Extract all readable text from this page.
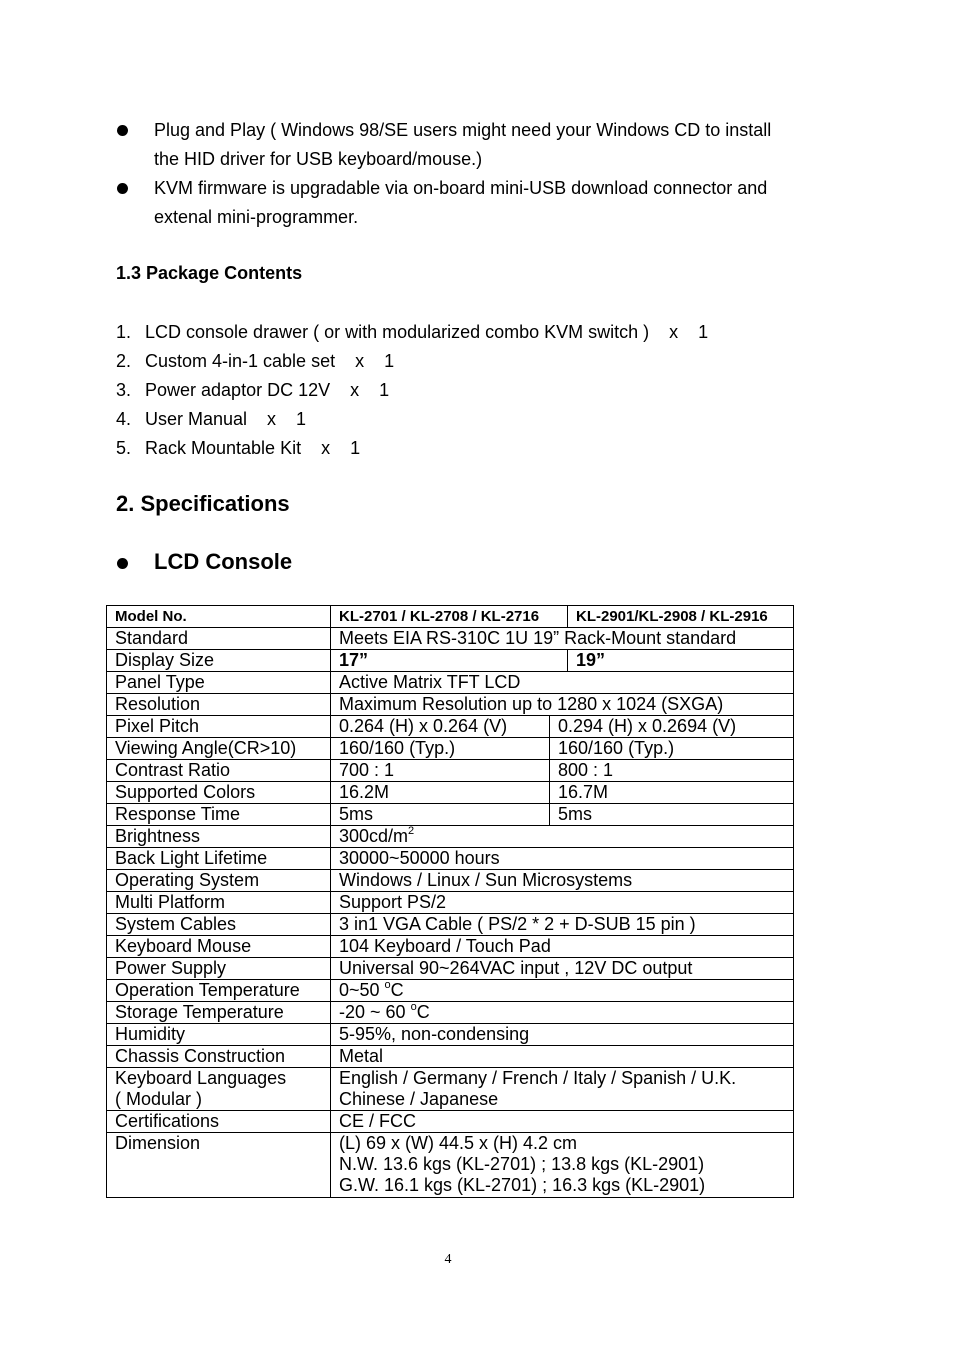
Plug and Play ( Windows 98/SE users might need your Windows CD to install
the HID driver for USB keyboard/mouse.)
KVM firmware is upgradable via on-board mini-USB download connector and
extenal mini-programmer.
1.3 Package Contents
1. LCD console drawer ( or with modularized combo KVM switch )    x    1
2. Custom 4-in-1 cable set    x    1
3. Power adaptor DC 12V    x    1
4. User Manual    x    1
5. Rack Mountable Kit    x    1
2. Specifications
LCD Console
Model No.	KL-2701 / KL-2708 / KL-2716		KL-2901/KL-2908 / KL-2916
Standard	Meets EIA RS-310C 1U 19” Rack-Mount standard		
Display Size	17”		19”
Panel Type	Active Matrix TFT LCD		
Resolution	Maximum Resolution up to 1280 x 1024 (SXGA)		
Pixel Pitch	0.264 (H) x 0.264 (V)	0.294 (H) x 0.2694 (V)	
Viewing Angle(CR>10)	160/160 (Typ.)	160/160 (Typ.)	
Contrast Ratio	700 : 1	800 : 1	
Supported Colors	16.2M	16.7M	
Response Time	5ms	5ms	
Brightness	$300cd/m^2$
Back Light Lifetime	30000~50000 hours		
Operating System	Windows / Linux / Sun Microsystems		
Multi Platform	Support PS/2		
System Cables	3 in1 VGA Cable ( PS/2 * 2 + D-SUB 15 pin )		
Keyboard Mouse	104 Keyboard / Touch Pad		
Power Supply	Universal 90~264VAC input , 12V DC output		
Operation Temperature	0~50 $^o$C		
Storage Temperature	-20 ~ 60 $^o$C		
Humidity	5-95%, non-condensing		
Chassis Construction	Metal		
Keyboard Languages
( Modular )	English / Germany / French / Italy / Spanish / U.K.
Chinese / Japanese		
Certifications	CE / FCC		
Dimension	(L) 69 x (W) 44.5 x (H) 4.2 cm
N.W. 13.6 kgs (KL-2701) ; 13.8 kgs (KL-2901)
G.W. 16.1 kgs (KL-2701) ; 16.3 kgs (KL-2901)		
4
